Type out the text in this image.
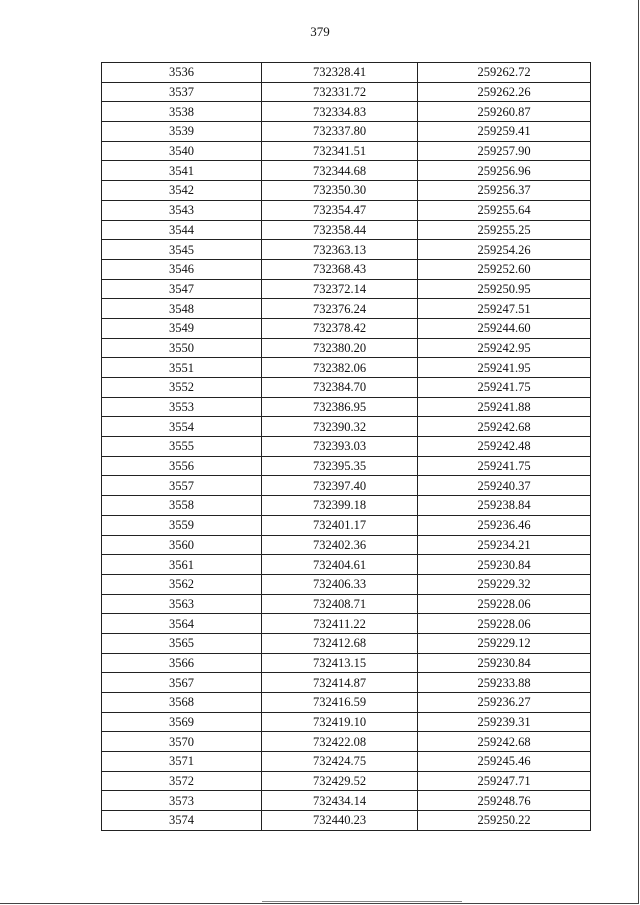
379
3536	732328.41	259262.72
3537	732331.72	259262.26
3538	732334.83	259260.87
3539	732337.80	259259.41
3540	732341.51	259257.90
3541	732344.68	259256.96
3542	732350.30	259256.37
3543	732354.47	259255.64
3544	732358.44	259255.25
3545	732363.13	259254.26
3546	732368.43	259252.60
3547	732372.14	259250.95
3548	732376.24	259247.51
3549	732378.42	259244.60
3550	732380.20	259242.95
3551	732382.06	259241.95
3552	732384.70	259241.75
3553	732386.95	259241.88
3554	732390.32	259242.68
3555	732393.03	259242.48
3556	732395.35	259241.75
3557	732397.40	259240.37
3558	732399.18	259238.84
3559	732401.17	259236.46
3560	732402.36	259234.21
3561	732404.61	259230.84
3562	732406.33	259229.32
3563	732408.71	259228.06
3564	732411.22	259228.06
3565	732412.68	259229.12
3566	732413.15	259230.84
3567	732414.87	259233.88
3568	732416.59	259236.27
3569	732419.10	259239.31
3570	732422.08	259242.68
3571	732424.75	259245.46
3572	732429.52	259247.71
3573	732434.14	259248.76
3574	732440.23	259250.22
